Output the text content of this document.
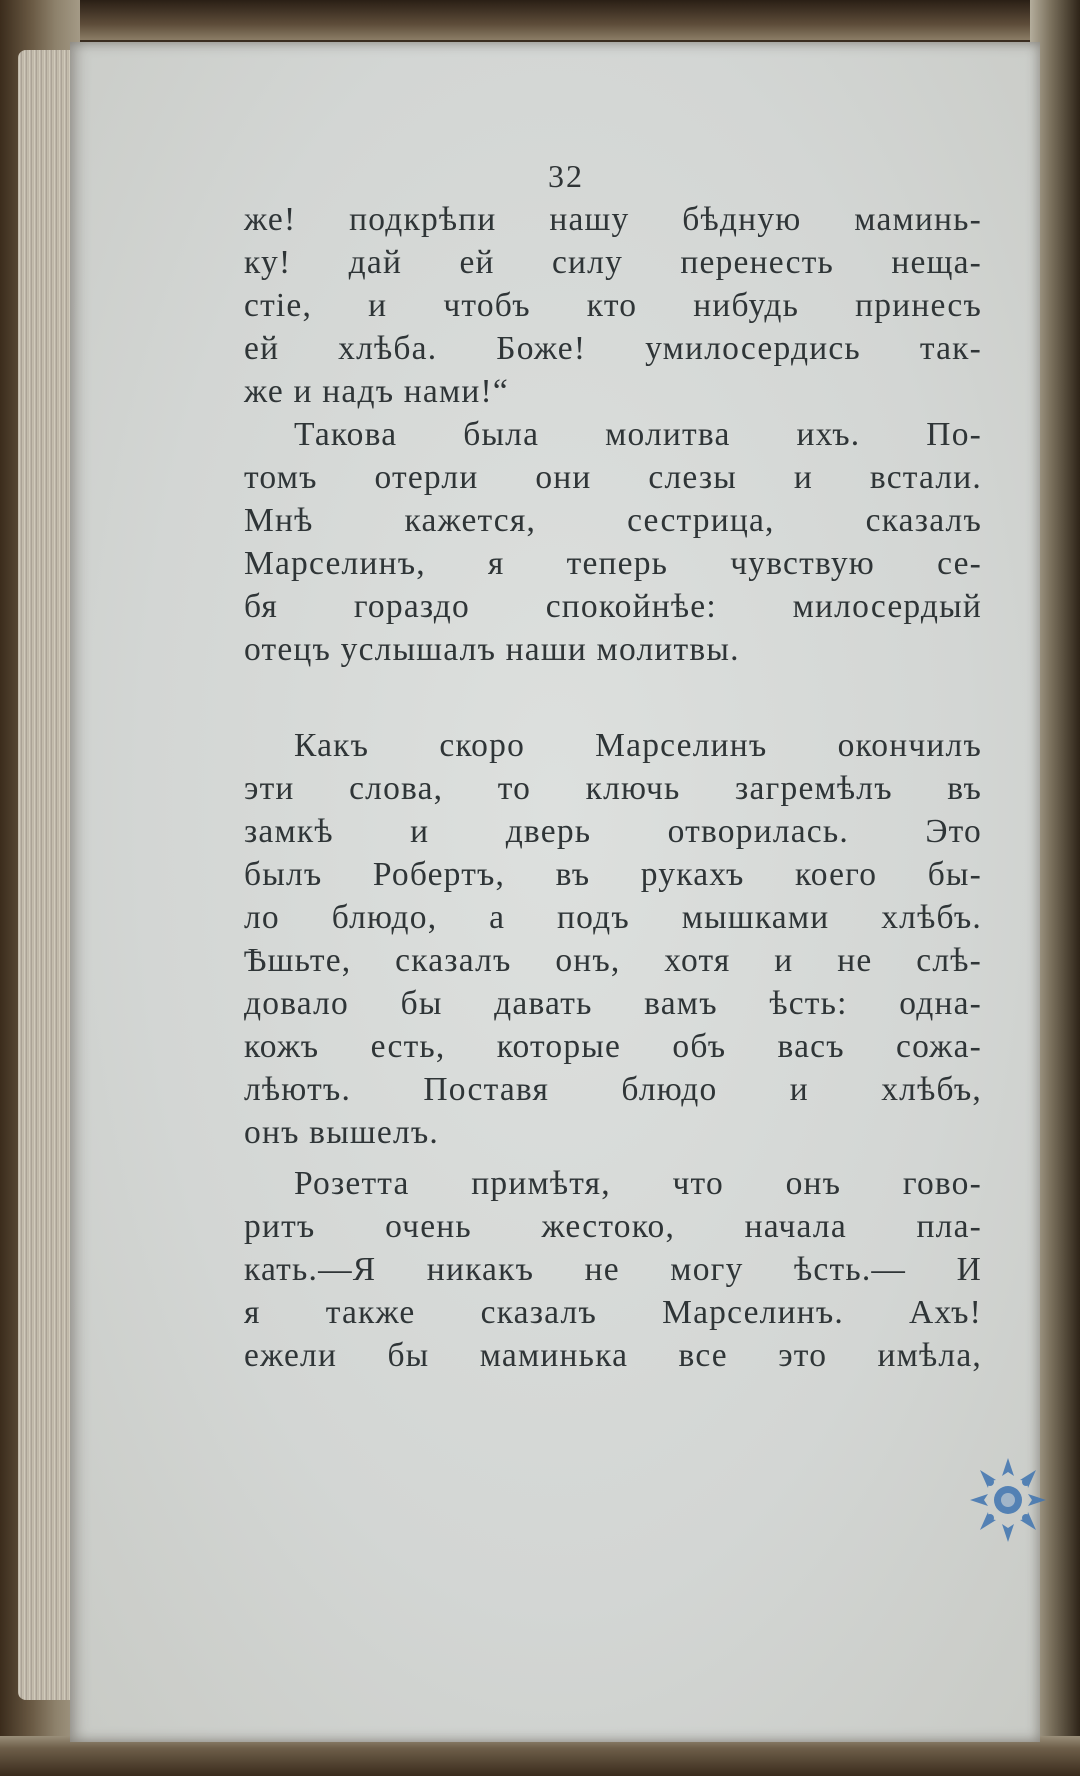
32
же! подкрѣпи нашу бѣдную маминь-
ку! дай ей силу перенесть нещa-
стіе, и чтобъ кто нибудь принесъ
ей хлѣба. Боже! умилосердись так-
же и надъ нами!“
Такова была молитва ихъ. По-
томъ отерли они слезы и встали.
Мнѣ кажется, сестрица, сказалъ
Марселинъ, я теперь чувствую се-
бя гораздо спокойнѣе: милосердый
отецъ услышалъ наши молитвы.
Какъ скоро Марселинъ окончилъ
эти слова, то ключь загремѣлъ въ
замкѣ и дверь отворилась. Это
былъ Робертъ, въ рукахъ коего бы-
ло блюдо, а подъ мышками хлѣбъ.
Ѣшьте, сказалъ онъ, хотя и не слѣ-
довало бы давать вамъ ѣсть: одна-
кожъ есть, которые объ васъ сожа-
лѣютъ. Поставя блюдо и хлѣбъ,
онъ вышелъ.
Розетта примѣтя, что онъ гово-
ритъ очень жестоко, начала пла-
кать.—Я никакъ не могу ѣсть.— И
я также сказалъ Марселинъ. Ахъ!
ежели бы маминька все это имѣла,
